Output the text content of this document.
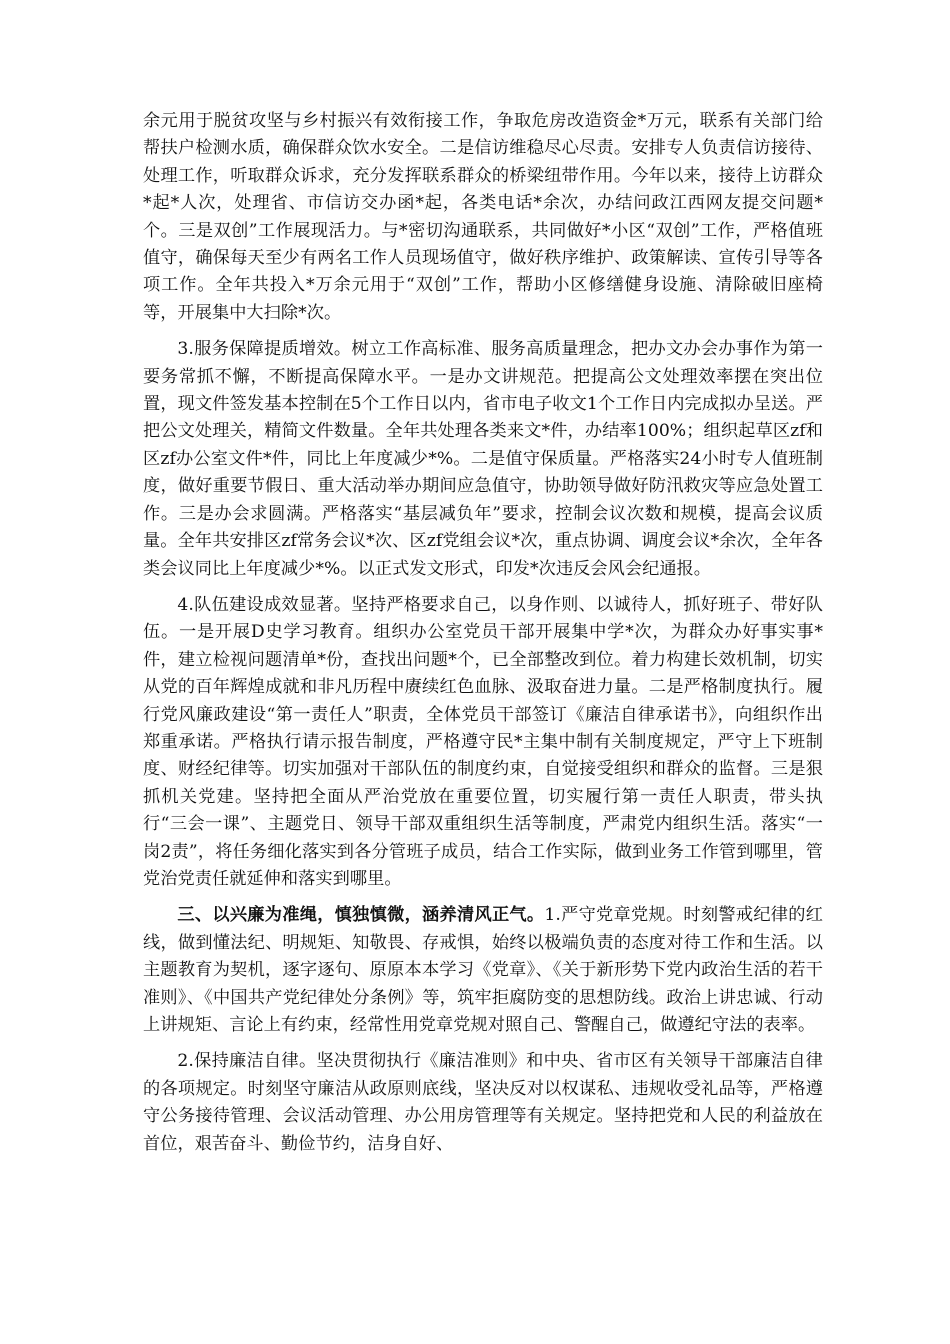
余元用于脱贫攻坚与乡村振兴有效衔接工作，争取危房改造资金*万元，联系有关部门给帮扶户检测水质，确保群众饮水安全。二是信访维稳尽心尽责。安排专人负责信访接待、处理工作，听取群众诉求，充分发挥联系群众的桥梁纽带作用。今年以来，接待上访群众*起*人次，处理省、市信访交办函*起，各类电话*余次，办结问政江西网友提交问题*个。三是双创”工作展现活力。与*密切沟通联系，共同做好*小区“双创”工作，严格值班值守，确保每天至少有两名工作人员现场值守，做好秩序维护、政策解读、宣传引导等各项工作。全年共投入*万余元用于“双创”工作，帮助小区修缮健身设施、清除破旧座椅等，开展集中大扫除*次。

3.服务保障提质增效。树立工作高标准、服务高质量理念，把办文办会办事作为第一要务常抓不懈，不断提高保障水平。一是办文讲规范。把提高公文处理效率摆在突出位置，现文件签发基本控制在5个工作日以内，省市电子收文1个工作日内完成拟办呈送。严把公文处理关，精简文件数量。全年共处理各类来文*件，办结率100%；组织起草区zf和区zf办公室文件*件，同比上年度减少*%。二是值守保质量。严格落实24小时专人值班制度，做好重要节假日、重大活动举办期间应急值守，协助领导做好防汛救灾等应急处置工作。三是办会求圆满。严格落实“基层减负年”要求，控制会议次数和规模，提高会议质量。全年共安排区zf常务会议*次、区zf党组会议*次，重点协调、调度会议*余次，全年各类会议同比上年度减少*%。以正式发文形式，印发*次违反会风会纪通报。

4.队伍建设成效显著。坚持严格要求自己，以身作则、以诚待人，抓好班子、带好队伍。一是开展D史学习教育。组织办公室党员干部开展集中学*次，为群众办好事实事*件，建立检视问题清单*份，查找出问题*个，已全部整改到位。着力构建长效机制，切实从党的百年辉煌成就和非凡历程中赓续红色血脉、汲取奋进力量。二是严格制度执行。履行党风廉政建设“第一责任人”职责，全体党员干部签订《廉洁自律承诺书》，向组织作出郑重承诺。严格执行请示报告制度，严格遵守民*主集中制有关制度规定，严守上下班制度、财经纪律等。切实加强对干部队伍的制度约束，自觉接受组织和群众的监督。三是狠抓机关党建。坚持把全面从严治党放在重要位置，切实履行第一责任人职责，带头执行“三会一课”、主题党日、领导干部双重组织生活等制度，严肃党内组织生活。落实“一岗2责”，将任务细化落实到各分管班子成员，结合工作实际，做到业务工作管到哪里，管党治党责任就延伸和落实到哪里。

三、以兴廉为准绳，慎独慎微，涵养清风正气。1.严守党章党规。时刻警戒纪律的红线，做到懂法纪、明规矩、知敬畏、存戒惧，始终以极端负责的态度对待工作和生活。以主题教育为契机，逐字逐句、原原本本学习《党章》、《关于新形势下党内政治生活的若干准则》、《中国共产党纪律处分条例》等，筑牢拒腐防变的思想防线。政治上讲忠诚、行动上讲规矩、言论上有约束，经常性用党章党规对照自己、警醒自己，做遵纪守法的表率。

2.保持廉洁自律。坚决贯彻执行《廉洁准则》和中央、省市区有关领导干部廉洁自律的各项规定。时刻坚守廉洁从政原则底线，坚决反对以权谋私、违规收受礼品等，严格遵守公务接待管理、会议活动管理、办公用房管理等有关规定。坚持把党和人民的利益放在首位，艰苦奋斗、勤俭节约，洁身自好、
